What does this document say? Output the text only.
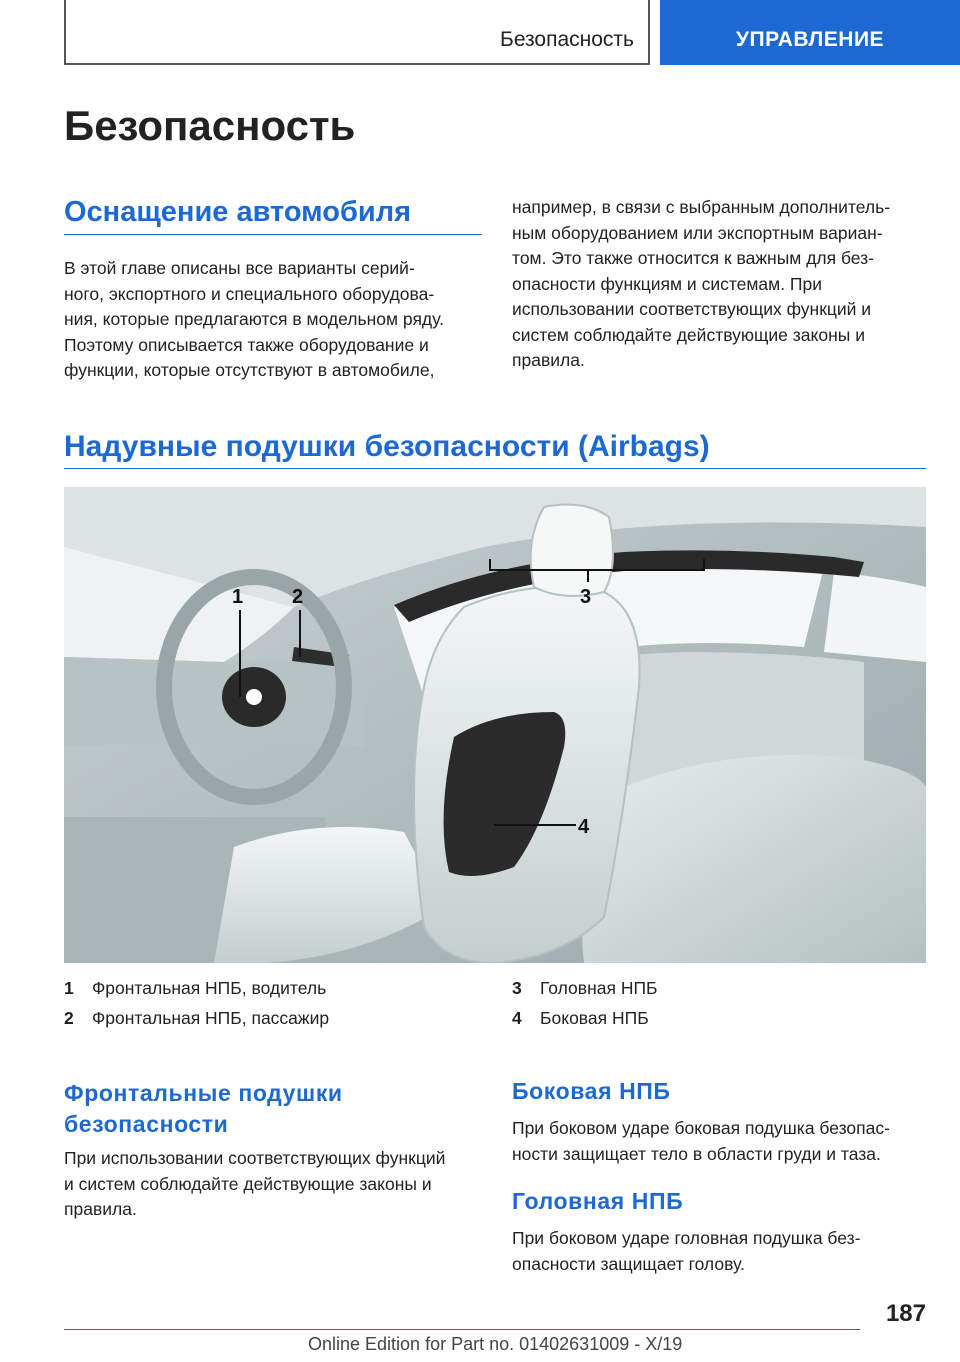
Безопасность	УПРАВЛЕНИЕ
Безопасность
Оснащение автомобиля
В этой главе описаны все варианты серий-
ного, экспортного и специального оборудова-
ния, которые предлагаются в модельном ряду.
Поэтому описывается также оборудование и
функции, которые отсутствуют в автомобиле,
например, в связи с выбранным дополнитель-
ным оборудованием или экспортным вариан-
том. Это также относится к важным для без-
опасности функциям и системам. При
использовании соответствующих функций и
систем соблюдайте действующие законы и
правила.
Надувные подушки безопасности (Airbags)
1 2	3
4
1 Фронтальная НПБ, водитель
2 Фронтальная НПБ, пассажир
3 Головная НПБ
4 Боковая НПБ
Фронтальные подушки
безопасности
При использовании соответствующих функций
и систем соблюдайте действующие законы и
правила.
Боковая НПБ
При боковом ударе боковая подушка безопас-
ности защищает тело в области груди и таза.
Головная НПБ
При боковом ударе головная подушка без-
опасности защищает голову.
187
Online Edition for Part no. 01402631009 - X/19
